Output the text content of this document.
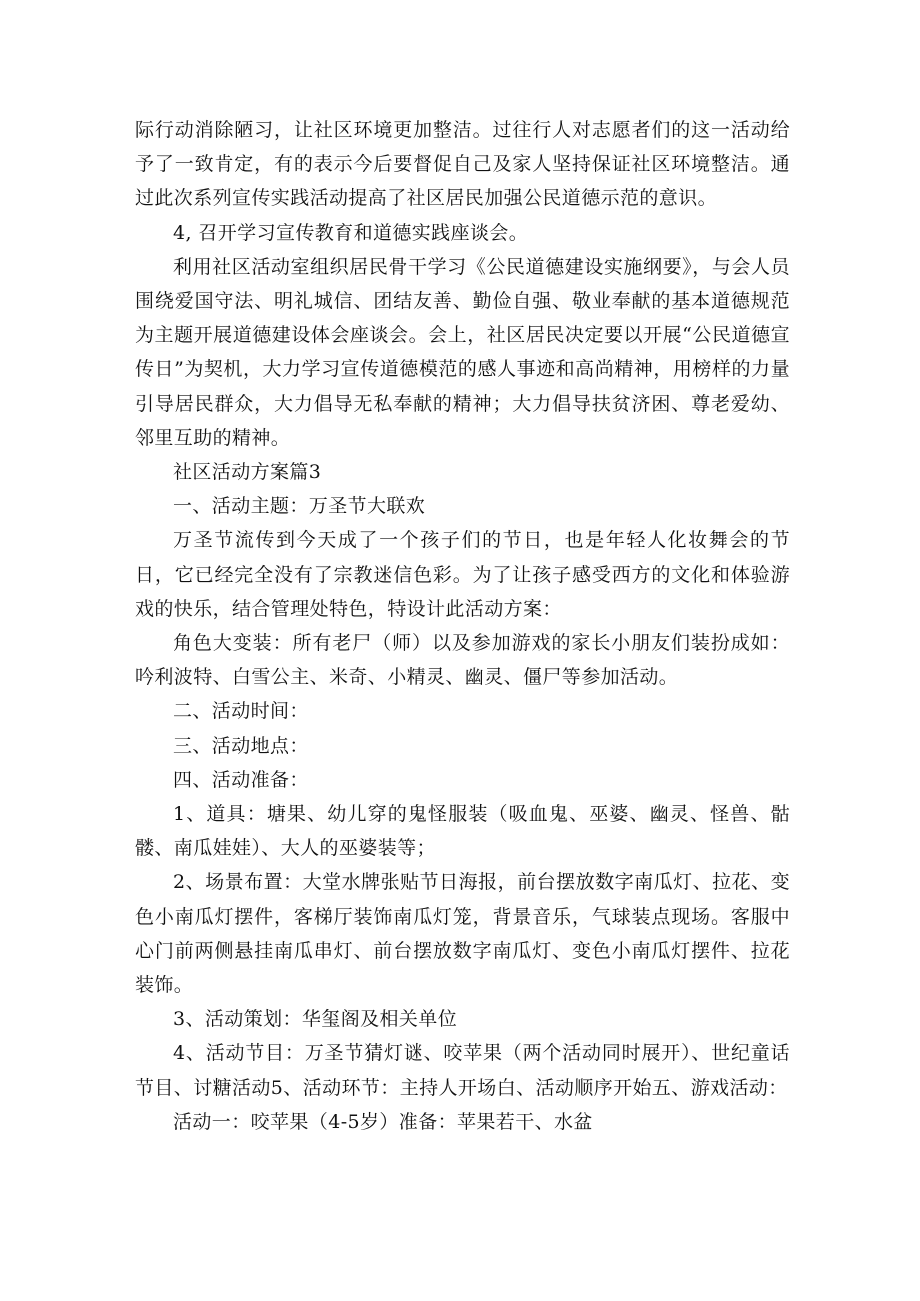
际行动消除陋习，让社区环境更加整洁。过往行人对志愿者们的这一活动给予了一致肯定，有的表示今后要督促自己及家人坚持保证社区环境整洁。通过此次系列宣传实践活动提高了社区居民加强公民道德示范的意识。

4, 召开学习宣传教育和道德实践座谈会。

利用社区活动室组织居民骨干学习《公民道德建设实施纲要》，与会人员围绕爱国守法、明礼城信、团结友善、勤俭自强、敬业奉献的基本道德规范为主题开展道德建设体会座谈会。会上，社区居民决定要以开展“公民道德宣传日”为契机，大力学习宣传道德模范的感人事迹和高尚精神，用榜样的力量引导居民群众，大力倡导无私奉献的精神；大力倡导扶贫济困、尊老爱幼、邻里互助的精神。

社区活动方案篇3

一、活动主题：万圣节大联欢

万圣节流传到今天成了一个孩子们的节日，也是年轻人化妆舞会的节日，它已经完全没有了宗教迷信色彩。为了让孩子感受西方的文化和体验游戏的快乐，结合管理处特色，特设计此活动方案：

角色大变装：所有老尸（师）以及参加游戏的家长小朋友们装扮成如：吟利波特、白雪公主、米奇、小精灵、幽灵、僵尸等参加活动。

二、活动时间：

三、活动地点：

四、活动准备：

1、道具：塘果、幼儿穿的鬼怪服装（吸血鬼、巫婆、幽灵、怪兽、骷髅、南瓜娃娃）、大人的巫婆装等；

2、场景布置：大堂水牌张贴节日海报，前台摆放数字南瓜灯、拉花、变色小南瓜灯摆件，客梯厅装饰南瓜灯笼，背景音乐，气球装点现场。客服中心门前两侧悬挂南瓜串灯、前台摆放数字南瓜灯、变色小南瓜灯摆件、拉花装饰。

3、活动策划：华玺阁及相关单位

4、活动节目：万圣节猜灯谜、咬苹果（两个活动同时展开）、世纪童话节目、讨糖活动5、活动环节：主持人开场白、活动顺序开始五、游戏活动：

活动一：咬苹果（4-5岁）准备：苹果若干、水盆
